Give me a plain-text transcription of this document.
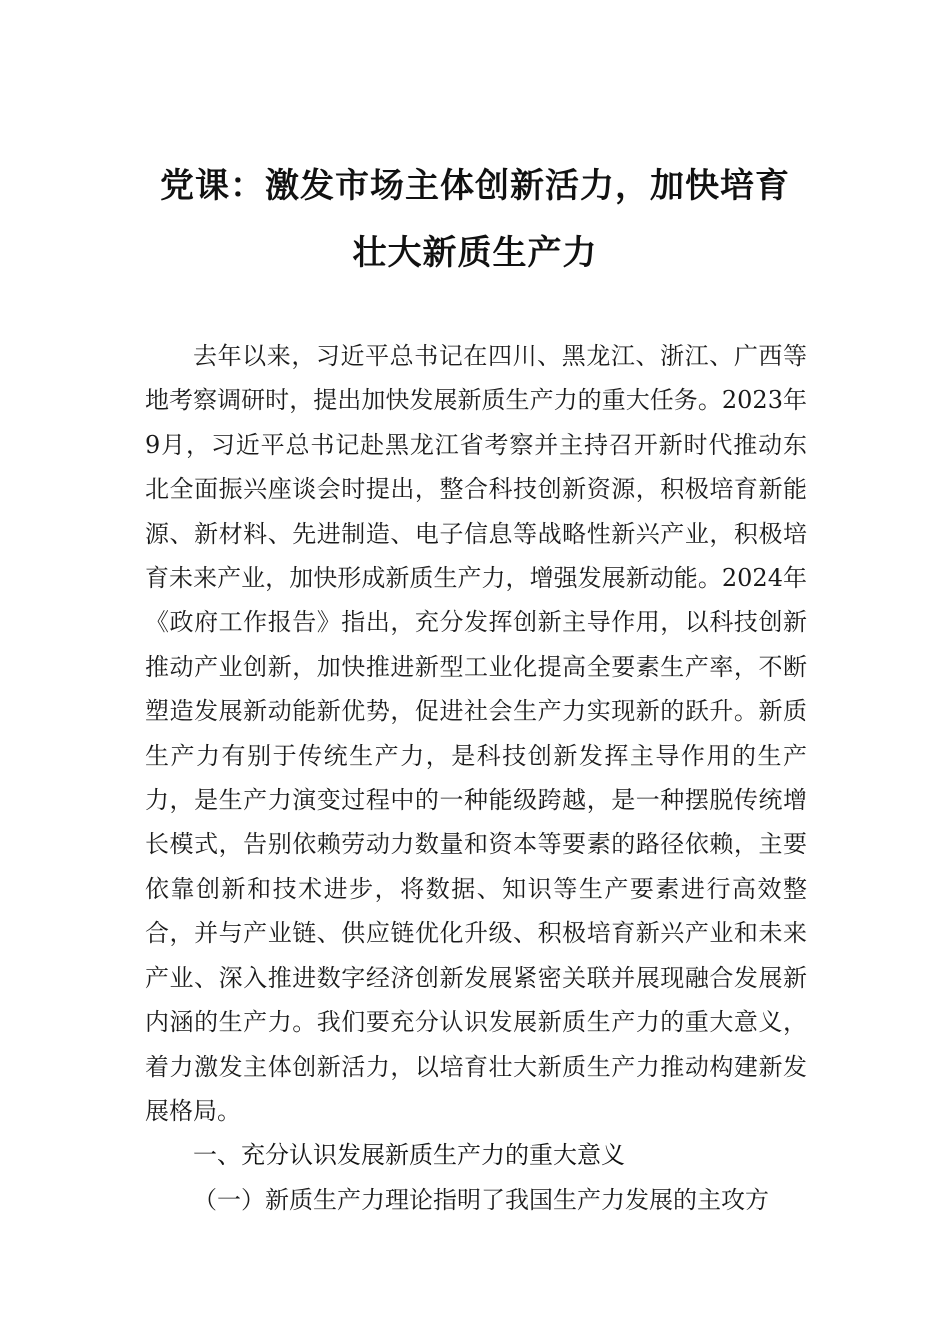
党课：激发市场主体创新活力，加快培育
壮大新质生产力

去年以来，习近平总书记在四川、黑龙江、浙江、广西等地考察调研时，提出加快发展新质生产力的重大任务。2023年9月，习近平总书记赴黑龙江省考察并主持召开新时代推动东北全面振兴座谈会时提出，整合科技创新资源，积极培育新能源、新材料、先进制造、电子信息等战略性新兴产业，积极培育未来产业，加快形成新质生产力，增强发展新动能。2024年《政府工作报告》指出，充分发挥创新主导作用，以科技创新推动产业创新，加快推进新型工业化提高全要素生产率，不断塑造发展新动能新优势，促进社会生产力实现新的跃升。新质生产力有别于传统生产力，是科技创新发挥主导作用的生产力，是生产力演变过程中的一种能级跨越，是一种摆脱传统增长模式，告别依赖劳动力数量和资本等要素的路径依赖，主要依靠创新和技术进步，将数据、知识等生产要素进行高效整合，并与产业链、供应链优化升级、积极培育新兴产业和未来产业、深入推进数字经济创新发展紧密关联并展现融合发展新内涵的生产力。我们要充分认识发展新质生产力的重大意义，着力激发主体创新活力，以培育壮大新质生产力推动构建新发展格局。

一、充分认识发展新质生产力的重大意义

（一）新质生产力理论指明了我国生产力发展的主攻方
